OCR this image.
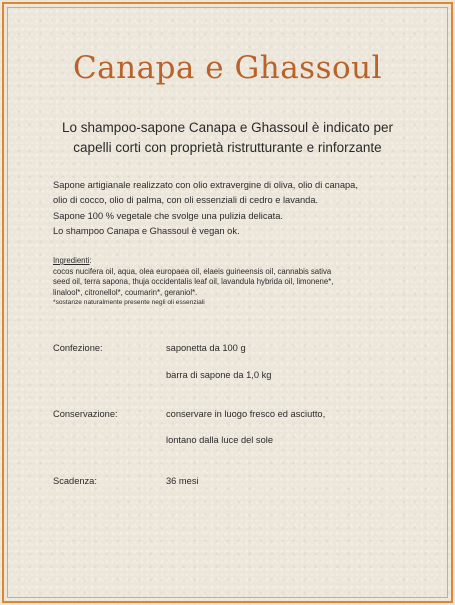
Canapa e Ghassoul
Lo shampoo-sapone Canapa e Ghassoul è indicato per
capelli corti con proprietà ristrutturante e rinforzante
Sapone artigianale realizzato con olio extravergine di oliva, olio di canapa,
olio di cocco, olio di palma, con oli essenziali di cedro e lavanda.
Sapone 100 % vegetale che svolge una pulizia delicata.
Lo shampoo Canapa e Ghassoul è vegan ok.
Ingredienti:
cocos nucifera oil, aqua, olea europaea oil, elaeis guineensis oil, cannabis sativa
seed oil, terra sapona, thuja occidentalis leaf oil, lavandula hybrida oil, limonene*,
linalool*, citronellol*, coumarin*, geraniol*.
*sostanze naturalmente presente negli oli essenziali
Confezione:	saponetta da 100 g
barra di sapone da 1,0 kg
Conservazione:	conservare in luogo fresco ed asciutto,
lontano dalla luce del sole
Scadenza:	36 mesi
